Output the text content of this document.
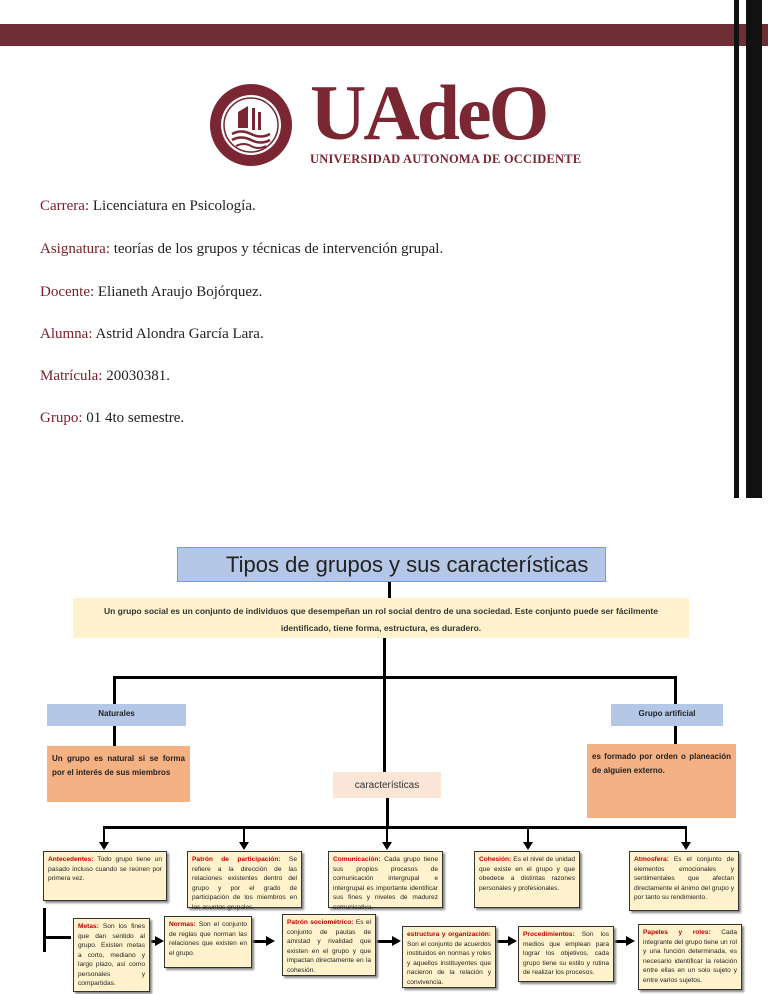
UAdeO
UNIVERSIDAD AUTONOMA DE OCCIDENTE
Carrera: Licenciatura en Psicología.
Asignatura: teorías de los grupos y técnicas de intervención grupal.
Docente: Elianeth Araujo Bojórquez.
Alumna: Astrid Alondra García Lara.
Matrícula: 20030381.
Grupo: 01 4to semestre.
Tipos de grupos y sus características
Un grupo social es un conjunto de individuos que desempeñan un rol social dentro de una sociedad. Este conjunto puede ser fácilmente identificado, tiene forma, estructura, es duradero.
Naturales
Un grupo es natural si se forma por el interés de sus miembros
Grupo artificial
es formado por orden o planeación de alguien externo.
características
Antecedentes: Todo grupo tiene un pasado incluso cuando se reúnen por primera vez.
Patrón de participación: Se refiere a la dirección de las relaciones existentes dentro del grupo y por el grado de participación de los miembros en los asuntos grupales.
Comunicación: Cada grupo tiene sus propios procesos de comunicación intergrupal e intergrupal es importante identificar sus fines y niveles de madurez comunicativa.
Cohesión: Es el nivel de unidad que existe en el grupo y que obedece a distintas razones personales y profesionales.
Atmosfera: Es el conjunto de elementos emocionales y sentimentales que afectan directamente el ánimo del grupo y por tanto su rendimiento.
Metas: Son los fines que dan sentido al grupo. Existen metas a corto, mediano y largo plazo, así como personales y compartidas.
Normas: Son el conjunto de reglas que norman las relaciones que existen en el grupo.
Patrón sociométrico: Es el conjunto de pautas de amistad y rivalidad que existen en el grupo y que impactan directamente en la cohesión.
estructura y organización: Son el conjunto de acuerdos instituidos en normas y roles y aquellos instituyentes que nacieron de la relación y convivencia.
Procedimientos: Son los medios que emplean para lograr los objetivos, cada grupo tiene su estilo y rutina de realizar los procesos.
Papeles y roles: Cada integrante del grupo tiene un rol y una función determinada, es necesario identificar la relación entre ellas en un solo sujeto y entre varios sujetos.
